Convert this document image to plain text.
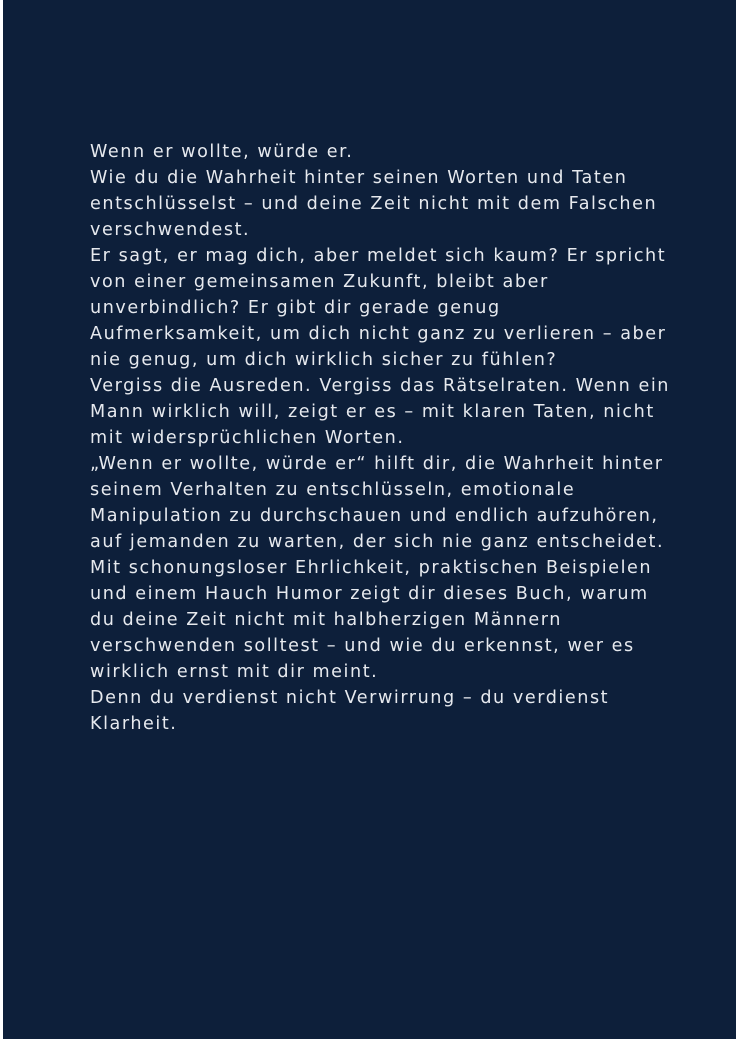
Wenn er wollte, würde er.

Wie du die Wahrheit hinter seinen Worten und Taten entschlüsselst – und deine Zeit nicht mit dem Falschen verschwendest.

Er sagt, er mag dich, aber meldet sich kaum? Er spricht von einer gemeinsamen Zukunft, bleibt aber unverbindlich? Er gibt dir gerade genug Aufmerksamkeit, um dich nicht ganz zu verlieren – aber nie genug, um dich wirklich sicher zu fühlen?

Vergiss die Ausreden. Vergiss das Rätselraten. Wenn ein Mann wirklich will, zeigt er es – mit klaren Taten, nicht mit widersprüchlichen Worten.

„Wenn er wollte, würde er“ hilft dir, die Wahrheit hinter seinem Verhalten zu entschlüsseln, emotionale Manipulation zu durchschauen und endlich aufzuhören, auf jemanden zu warten, der sich nie ganz entscheidet.

Mit schonungsloser Ehrlichkeit, praktischen Beispielen und einem Hauch Humor zeigt dir dieses Buch, warum du deine Zeit nicht mit halbherzigen Männern verschwenden solltest – und wie du erkennst, wer es wirklich ernst mit dir meint.

Denn du verdienst nicht Verwirrung – du verdienst Klarheit.
